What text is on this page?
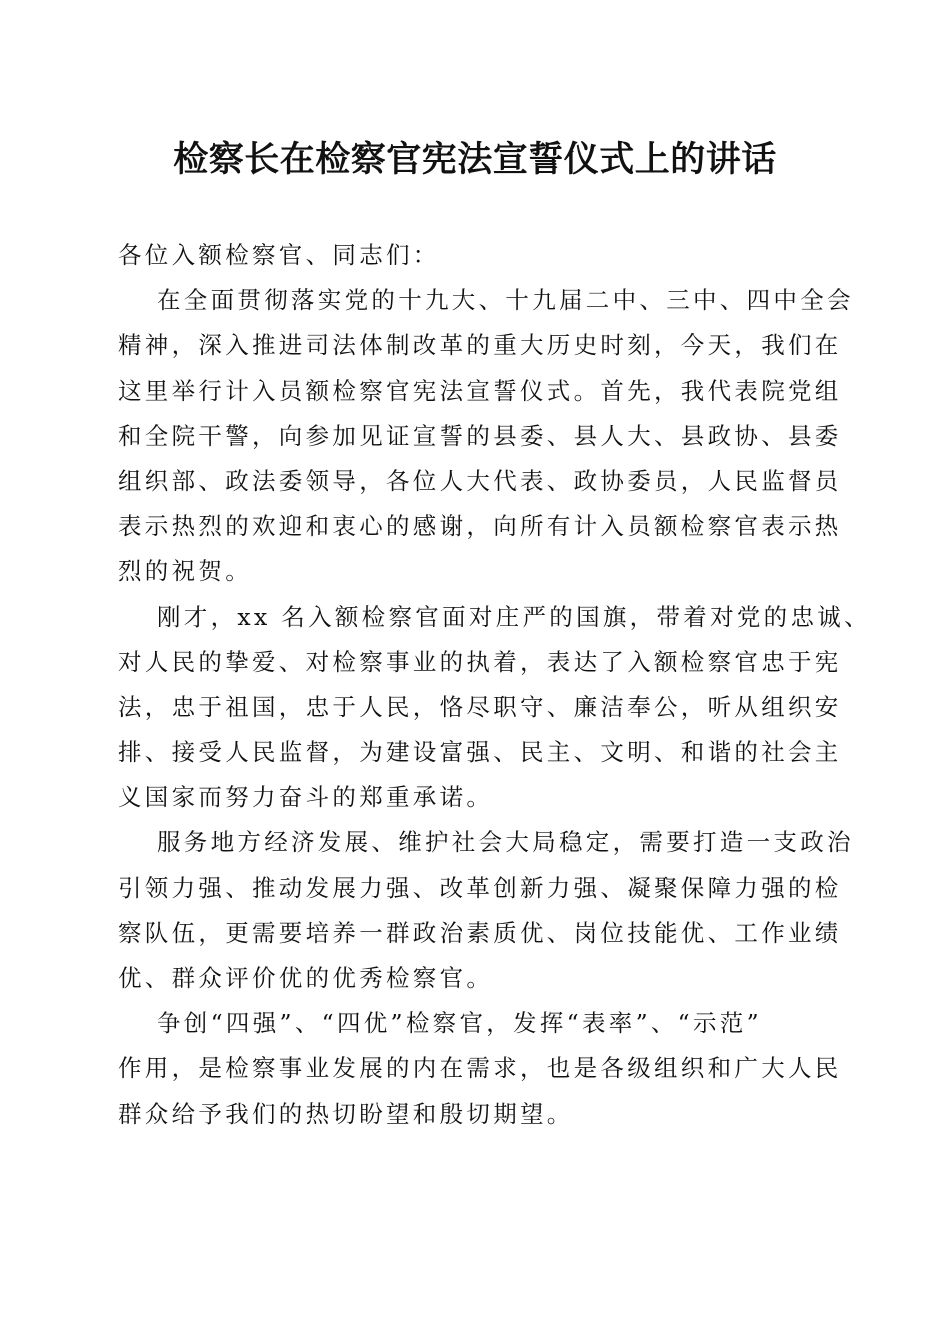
检察长在检察官宪法宣誓仪式上的讲话
各位入额检察官、同志们：
在全面贯彻落实党的十九大、十九届二中、三中、四中全会
精神，深入推进司法体制改革的重大历史时刻，今天，我们在
这里举行计入员额检察官宪法宣誓仪式。首先，我代表院党组
和全院干警，向参加见证宣誓的县委、县人大、县政协、县委
组织部、政法委领导，各位人大代表、政协委员，人民监督员
表示热烈的欢迎和衷心的感谢，向所有计入员额检察官表示热
烈的祝贺。
刚才，xx 名入额检察官面对庄严的国旗，带着对党的忠诚、
对人民的挚爱、对检察事业的执着，表达了入额检察官忠于宪
法，忠于祖国，忠于人民，恪尽职守、廉洁奉公，听从组织安
排、接受人民监督，为建设富强、民主、文明、和谐的社会主
义国家而努力奋斗的郑重承诺。
服务地方经济发展、维护社会大局稳定，需要打造一支政治
引领力强、推动发展力强、改革创新力强、凝聚保障力强的检
察队伍，更需要培养一群政治素质优、岗位技能优、工作业绩
优、群众评价优的优秀检察官。
争创“四强”、“四优”检察官，发挥“表率”、“示范”
作用，是检察事业发展的内在需求，也是各级组织和广大人民
群众给予我们的热切盼望和殷切期望。
